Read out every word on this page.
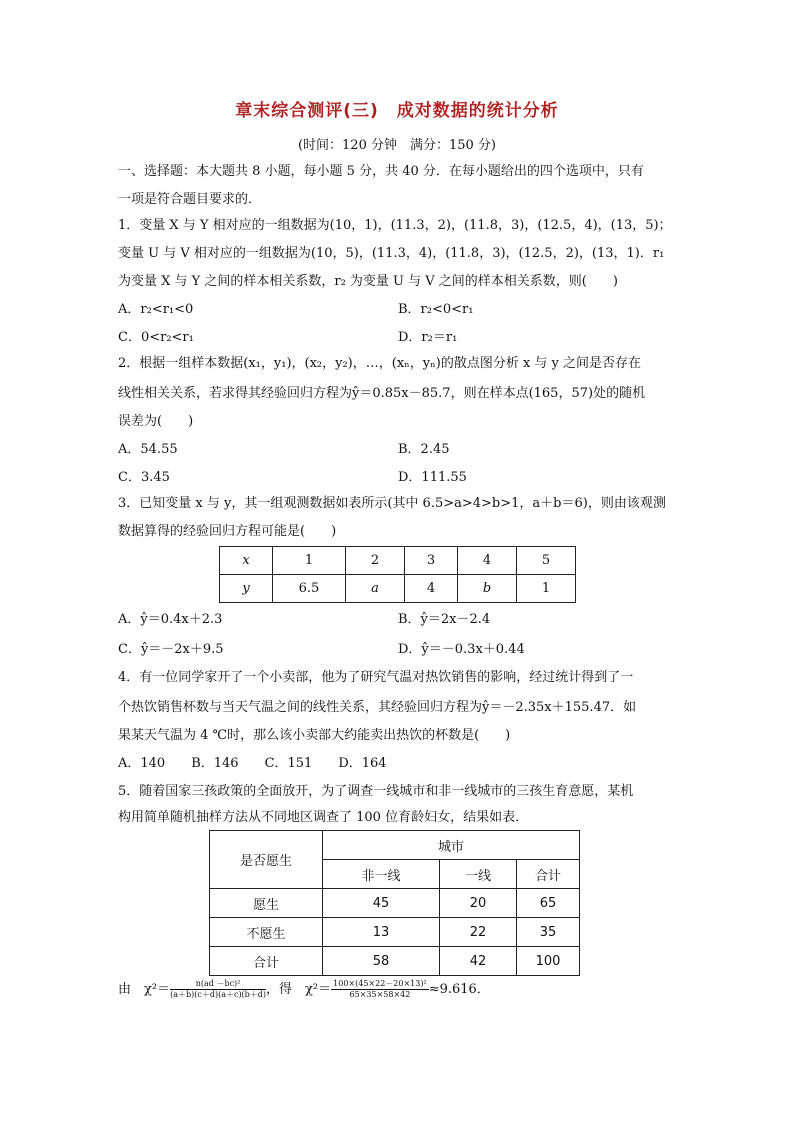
章末综合测评(三)　成对数据的统计分析
(时间：120 分钟　满分：150 分)
一、选择题：本大题共 8 小题，每小题 5 分，共 40 分．在每小题给出的四个选项中，只有
一项是符合题目要求的．
1．变量 X 与 Y 相对应的一组数据为(10，1)，(11.3，2)，(11.8，3)，(12.5，4)，(13，5)；
变量 U 与 V 相对应的一组数据为(10，5)，(11.3，4)，(11.8，3)，(12.5，2)，(13，1)．r₁
为变量 X 与 Y 之间的样本相关系数，r₂ 为变量 U 与 V 之间的样本相关系数，则(　　)
A．r₂<r₁<0	B．r₂<0<r₁
C．0<r₂<r₁	D．r₂＝r₁
2．根据一组样本数据(x₁，y₁)，(x₂，y₂)，…，(xₙ，yₙ)的散点图分析 x 与 y 之间是否存在
线性相关关系，若求得其经验回归方程为ŷ＝0.85x－85.7，则在样本点(165，57)处的随机
误差为(　　)
A．54.55	B．2.45
C．3.45	D．111.55
3．已知变量 x 与 y，其一组观测数据如表所示(其中 6.5>a>4>b>1，a＋b＝6)，则由该观测
数据算得的经验回归方程可能是(　　)
x	1	2	3	4	5
y	6.5	a	4	b	1
A．ŷ＝0.4x＋2.3	B．ŷ＝2x－2.4
C．ŷ＝－2x＋9.5	D．ŷ＝－0.3x＋0.44
4．有一位同学家开了一个小卖部，他为了研究气温对热饮销售的影响，经过统计得到了一
个热饮销售杯数与当天气温之间的线性关系，其经验回归方程为ŷ＝－2.35x＋155.47．如
果某天气温为 4 ℃时，那么该小卖部大约能卖出热饮的杯数是(　　)
A．140　　B．146　　C．151　　D．164
5．随着国家三孩政策的全面放开，为了调查一线城市和非一线城市的三孩生育意愿，某机
构用简单随机抽样方法从不同地区调查了 100 位育龄妇女，结果如表．
是否愿生	城市		
	非一线	一线	合计
愿生	45	20	65
不愿生	13	22	35
合计	58	42	100
由　$\chi^2= \frac{\text{n(ad －bc)²}}{(a+b)(c+d)(a+c)(b+d)}$ ，得　$\chi^2= \frac{\text{100×(45×22－20×13)²}}{65\times 35\times 58\times 42} \approx 9.616$．
